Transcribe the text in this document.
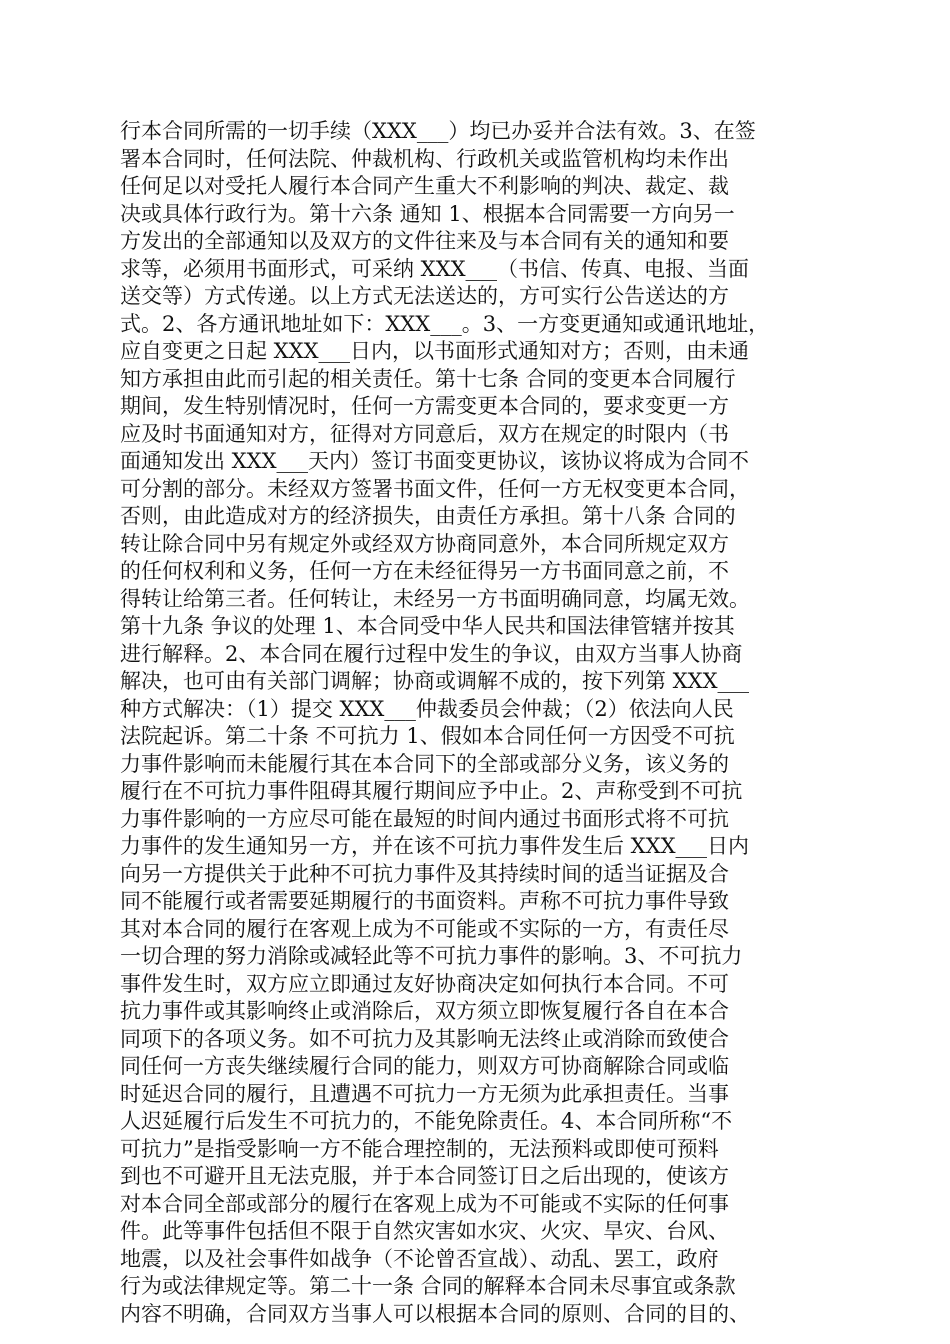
行本合同所需的一切手续（XXX___）均已办妥并合法有效。3、在签
署本合同时，任何法院、仲裁机构、行政机关或监管机构均未作出
任何足以对受托人履行本合同产生重大不利影响的判决、裁定、裁
决或具体行政行为。第十六条 通知 1、根据本合同需要一方向另一
方发出的全部通知以及双方的文件往来及与本合同有关的通知和要
求等，必须用书面形式，可采纳 XXX___（书信、传真、电报、当面
送交等）方式传递。以上方式无法送达的，方可实行公告送达的方
式。2、各方通讯地址如下：XXX___。3、一方变更通知或通讯地址，
应自变更之日起 XXX___日内，以书面形式通知对方；否则，由未通
知方承担由此而引起的相关责任。第十七条 合同的变更本合同履行
期间，发生特别情况时，任何一方需变更本合同的，要求变更一方
应及时书面通知对方，征得对方同意后，双方在规定的时限内（书
面通知发出 XXX___天内）签订书面变更协议，该协议将成为合同不
可分割的部分。未经双方签署书面文件，任何一方无权变更本合同，
否则，由此造成对方的经济损失，由责任方承担。第十八条 合同的
转让除合同中另有规定外或经双方协商同意外，本合同所规定双方
的任何权利和义务，任何一方在未经征得另一方书面同意之前，不
得转让给第三者。任何转让，未经另一方书面明确同意，均属无效。
第十九条 争议的处理 1、本合同受中华人民共和国法律管辖并按其
进行解释。2、本合同在履行过程中发生的争议，由双方当事人协商
解决，也可由有关部门调解；协商或调解不成的，按下列第 XXX___
种方式解决：（1）提交 XXX___仲裁委员会仲裁；（2）依法向人民
法院起诉。第二十条 不可抗力 1、假如本合同任何一方因受不可抗
力事件影响而未能履行其在本合同下的全部或部分义务，该义务的
履行在不可抗力事件阻碍其履行期间应予中止。2、声称受到不可抗
力事件影响的一方应尽可能在最短的时间内通过书面形式将不可抗
力事件的发生通知另一方，并在该不可抗力事件发生后 XXX___日内
向另一方提供关于此种不可抗力事件及其持续时间的适当证据及合
同不能履行或者需要延期履行的书面资料。声称不可抗力事件导致
其对本合同的履行在客观上成为不可能或不实际的一方，有责任尽
一切合理的努力消除或减轻此等不可抗力事件的影响。3、不可抗力
事件发生时，双方应立即通过友好协商决定如何执行本合同。不可
抗力事件或其影响终止或消除后，双方须立即恢复履行各自在本合
同项下的各项义务。如不可抗力及其影响无法终止或消除而致使合
同任何一方丧失继续履行合同的能力，则双方可协商解除合同或临
时延迟合同的履行，且遭遇不可抗力一方无须为此承担责任。当事
人迟延履行后发生不可抗力的，不能免除责任。4、本合同所称“不
可抗力”是指受影响一方不能合理控制的，无法预料或即使可预料
到也不可避开且无法克服，并于本合同签订日之后出现的，使该方
对本合同全部或部分的履行在客观上成为不可能或不实际的任何事
件。此等事件包括但不限于自然灾害如水灾、火灾、旱灾、台风、
地震，以及社会事件如战争（不论曾否宣战）、动乱、罢工，政府
行为或法律规定等。第二十一条 合同的解释本合同未尽事宜或条款
内容不明确，合同双方当事人可以根据本合同的原则、合同的目的、
